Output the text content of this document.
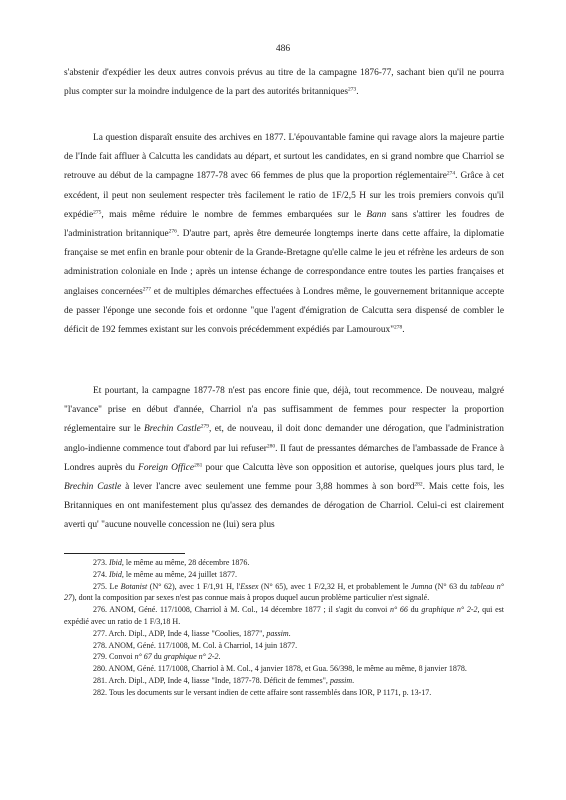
486
s'abstenir d'expédier les deux autres convois prévus au titre de la campagne 1876-77, sachant bien qu'il ne pourra plus compter sur la moindre indulgence de la part des autorités britanniques$^{273}$.
La question disparaît ensuite des archives en 1877. L'épouvantable famine qui ravage alors la majeure partie de l'Inde fait affluer à Calcutta les candidats au départ, et surtout les candidates, en si grand nombre que Charriol se retrouve au début de la campagne 1877-78 avec 66 femmes de plus que la proportion réglementaire$^{274}$. Grâce à cet excédent, il peut non seulement respecter très facilement le ratio de 1F/2,5 H sur les trois premiers convois qu'il expédie$^{275}$, mais même réduire le nombre de femmes embarquées sur le Bann sans s'attirer les foudres de l'administration britannique$^{276}$. D'autre part, après être demeurée longtemps inerte dans cette affaire, la diplomatie française se met enfin en branle pour obtenir de la Grande-Bretagne qu'elle calme le jeu et réfrène les ardeurs de son administration coloniale en Inde ; après un intense échange de correspondance entre toutes les parties françaises et anglaises concernées$^{277}$ et de multiples démarches effectuées à Londres même, le gouvernement britannique accepte de passer l'éponge une seconde fois et ordonne "que l'agent d'émigration de Calcutta sera dispensé de combler le déficit de 192 femmes existant sur les convois précédemment expédiés par Lamouroux"$^{278}$.
Et pourtant, la campagne 1877-78 n'est pas encore finie que, déjà, tout recommence. De nouveau, malgré "l'avance" prise en début d'année, Charriol n'a pas suffisamment de femmes pour respecter la proportion réglementaire sur le Brechin Castle$^{279}$, et, de nouveau, il doit donc demander une dérogation, que l'administration anglo-indienne commence tout d'abord par lui refuser$^{280}$. Il faut de pressantes démarches de l'ambassade de France à Londres auprès du Foreign Office$^{281}$ pour que Calcutta lève son opposition et autorise, quelques jours plus tard, le Brechin Castle à lever l'ancre avec seulement une femme pour 3,88 hommes à son bord$^{282}$. Mais cette fois, les Britanniques en ont manifestement plus qu'assez des demandes de dérogation de Charriol. Celui-ci est clairement averti qu' "aucune nouvelle concession ne (lui) sera plus
273. Ibid, le même au même, 28 décembre 1876.
274. Ibid, le même au même, 24 juillet 1877.
275. Le Botanist (N° 62), avec 1 F/1,91 H, l'Essex (N° 65), avec 1 F/2,32 H, et probablement le Jumna (N° 63 du tableau n° 27), dont la composition par sexes n'est pas connue mais à propos duquel aucun problème particulier n'est signalé.
276. ANOM, Géné. 117/1008, Charriol à M. Col., 14 décembre 1877 ; il s'agit du convoi n° 66 du graphique n° 2-2, qui est expédié avec un ratio de 1 F/3,18 H.
277. Arch. Dipl., ADP, Inde 4, liasse "Coolies, 1877", passim.
278. ANOM, Géné. 117/1008, M. Col. à Charriol, 14 juin 1877.
279. Convoi n° 67 du graphique n° 2-2.
280. ANOM, Géné. 117/1008, Charriol à M. Col., 4 janvier 1878, et Gua. 56/398, le même au même, 8 janvier 1878.
281. Arch. Dipl., ADP, Inde 4, liasse "Inde, 1877-78. Déficit de femmes", passim.
282. Tous les documents sur le versant indien de cette affaire sont rassemblés dans IOR, P 1171, p. 13-17.
